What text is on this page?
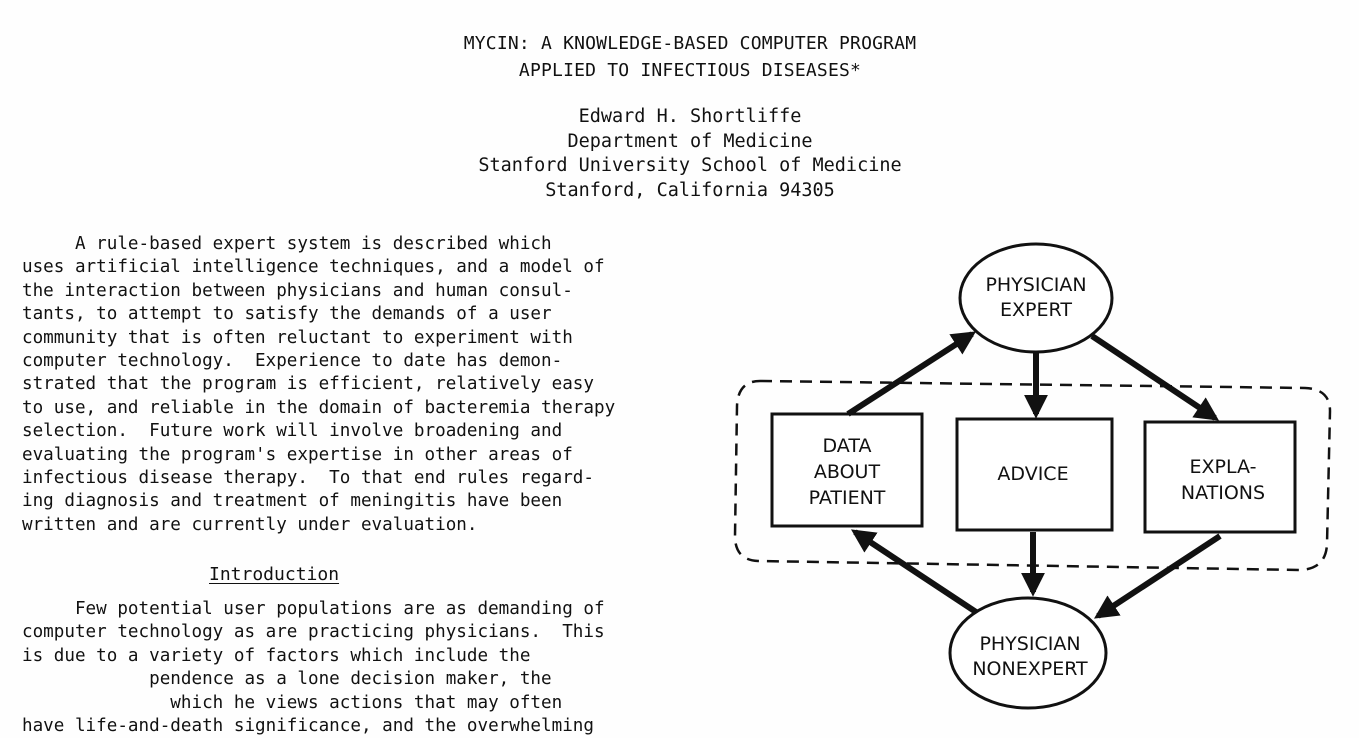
MYCIN: A KNOWLEDGE-BASED COMPUTER PROGRAM
APPLIED TO INFECTIOUS DISEASES*
Edward H. Shortliffe
Department of Medicine
Stanford University School of Medicine
Stanford, California 94305
A rule-based expert system is described which
uses artificial intelligence techniques, and a model of
the interaction between physicians and human consul-
tants, to attempt to satisfy the demands of a user
community that is often reluctant to experiment with
computer technology.  Experience to date has demon-
strated that the program is efficient, relatively easy
to use, and reliable in the domain of bacteremia therapy
selection.  Future work will involve broadening and
evaluating the program's expertise in other areas of
infectious disease therapy.  To that end rules regard-
ing diagnosis and treatment of meningitis have been
written and are currently under evaluation.
Introduction
Few potential user populations are as demanding of
computer technology as are practicing physicians.  This
is due to a variety of factors which include the
pendence as a lone decision maker, the
which he views actions that may often
have life-and-death significance, and the overwhelming
PHYSICIAN
EXPERT
DATA
ABOUT
PATIENT
ADVICE	EXPLA-
NATIONS
PHYSICIAN
NONEXPERT
